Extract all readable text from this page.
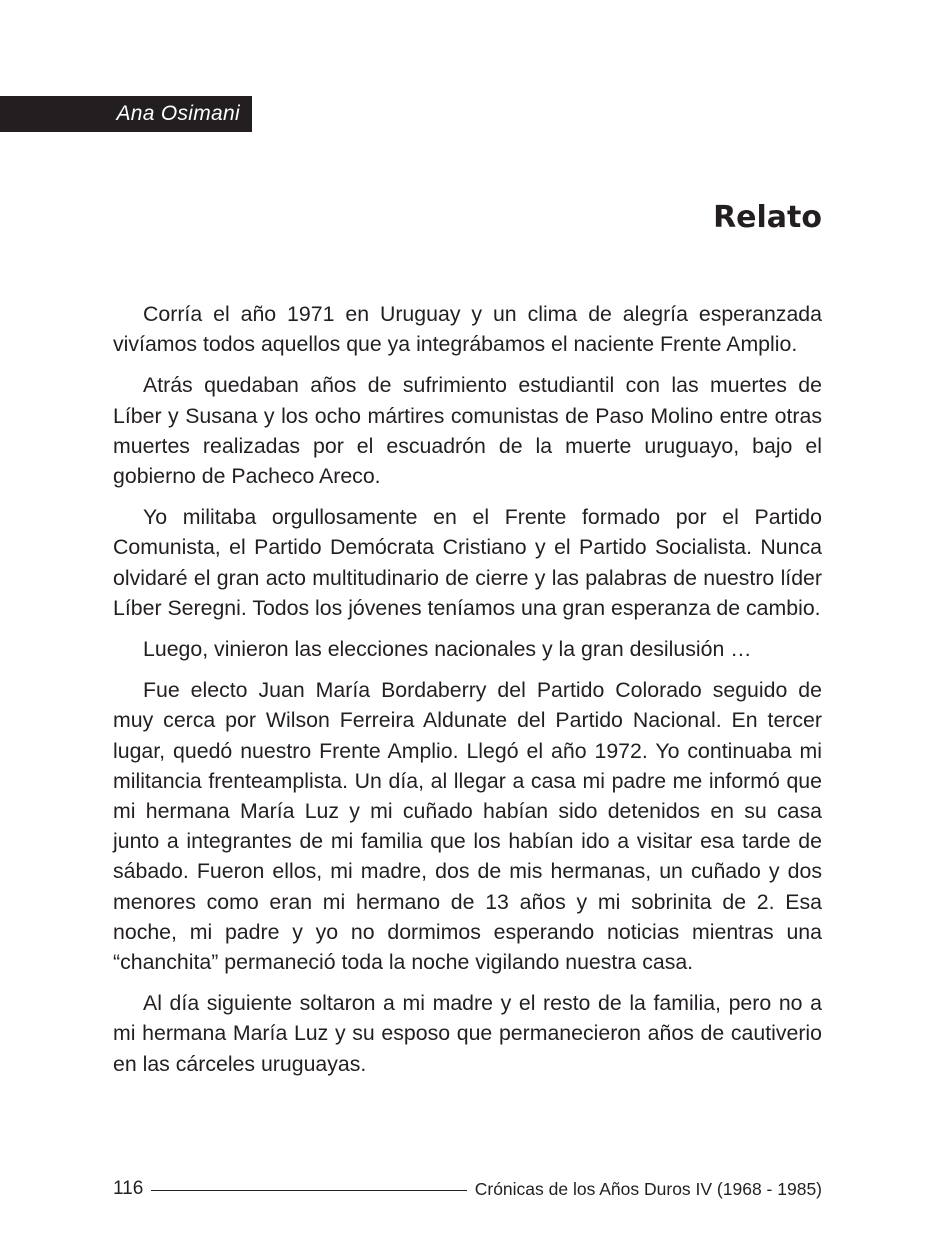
Ana Osimani
Relato

Corría el año 1971 en Uruguay y un clima de alegría esperanzada vivíamos todos aquellos que ya integrábamos el naciente Frente Amplio.

Atrás quedaban años de sufrimiento estudiantil con las muertes de Líber y Susana y los ocho mártires comunistas de Paso Molino entre otras muertes realizadas por el escuadrón de la muerte uruguayo, bajo el gobierno de Pacheco Areco.

Yo militaba orgullosamente en el Frente formado por el Partido Comunista, el Partido Demócrata Cristiano y el Partido Socialista. Nunca olvidaré el gran acto multitudinario de cierre y las palabras de nuestro líder Líber Seregni. Todos los jóvenes teníamos una gran esperanza de cambio.

Luego, vinieron las elecciones nacionales y la gran desilusión …

Fue electo Juan María Bordaberry del Partido Colorado seguido de muy cerca por Wilson Ferreira Aldunate del Partido Nacional. En tercer lugar, quedó nuestro Frente Amplio. Llegó el año 1972. Yo continuaba mi militancia frenteamplista. Un día, al llegar a casa mi padre me informó que mi hermana María Luz y mi cuñado habían sido detenidos en su casa junto a integrantes de mi familia que los habían ido a visitar esa tarde de sábado. Fueron ellos, mi madre, dos de mis hermanas, un cuñado y dos menores como eran mi hermano de 13 años y mi sobrinita de 2. Esa noche, mi padre y yo no dormimos esperando noticias mientras una “chanchita” permaneció toda la noche vigilando nuestra casa.

Al día siguiente soltaron a mi madre y el resto de la familia, pero no a mi hermana María Luz y su esposo que permanecieron años de cautiverio en las cárceles uruguayas.

116	Crónicas de los Años Duros IV (1968 - 1985)
